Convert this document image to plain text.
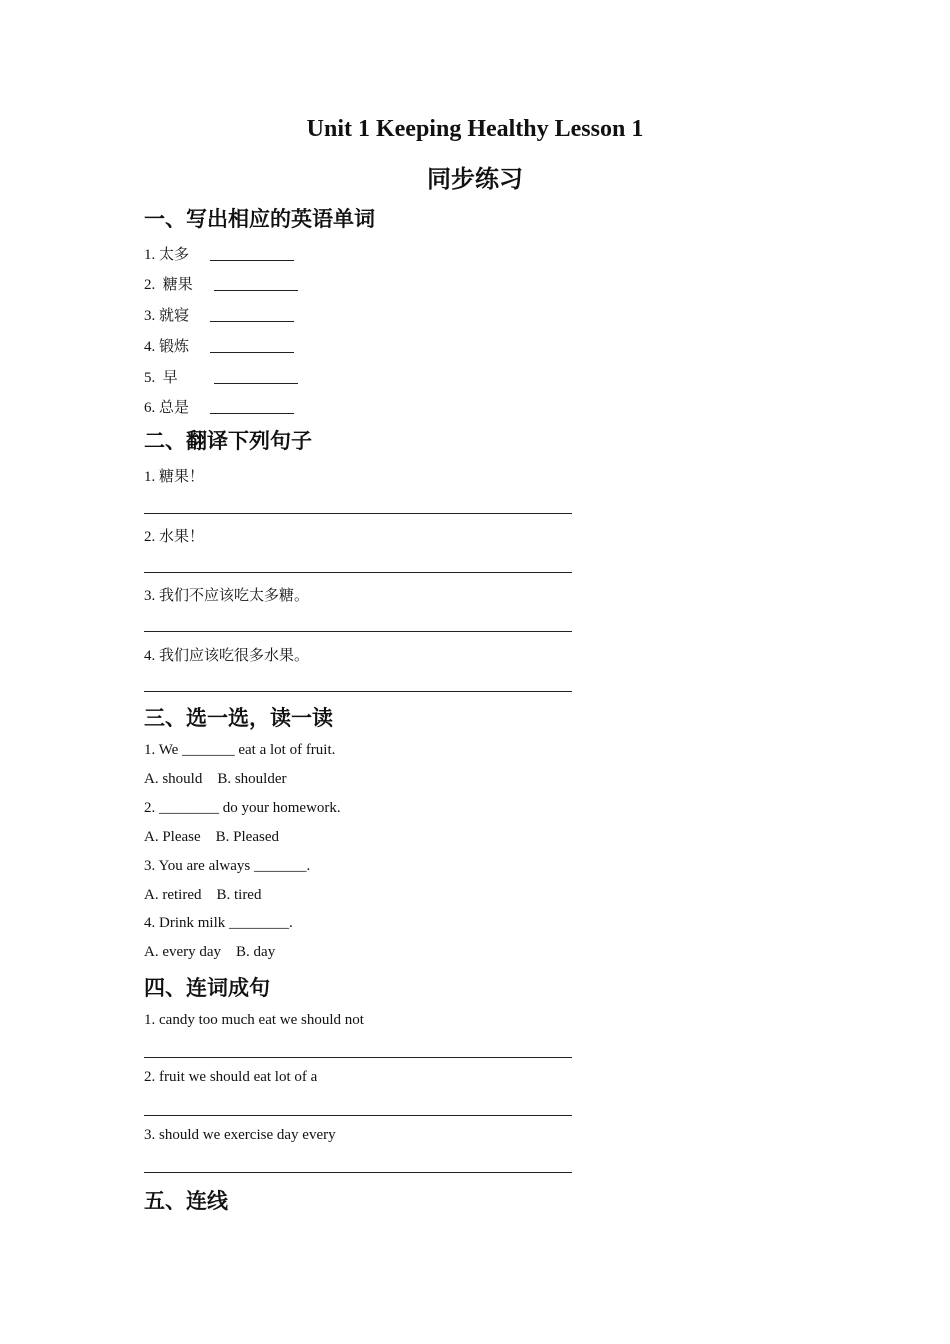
Unit 1 Keeping Healthy Lesson 1
同步练习
一、写出相应的英语单词
1. 太多
2.  糖果
3. 就寝
4. 锻炼
5.  早
6. 总是
二、翻译下列句子
1. 糖果！
2. 水果！
3. 我们不应该吃太多糖。
4. 我们应该吃很多水果。
三、选一选，读一读
1. We _______ eat a lot of fruit.
A. should    B. shoulder
2. ________ do your homework.
A. Please    B. Pleased
3. You are always _______.
A. retired    B. tired
4. Drink milk ________.
A. every day    B. day
四、连词成句
1. candy too much eat we should not
2. fruit we should eat lot of a
3. should we exercise day every
五、连线
